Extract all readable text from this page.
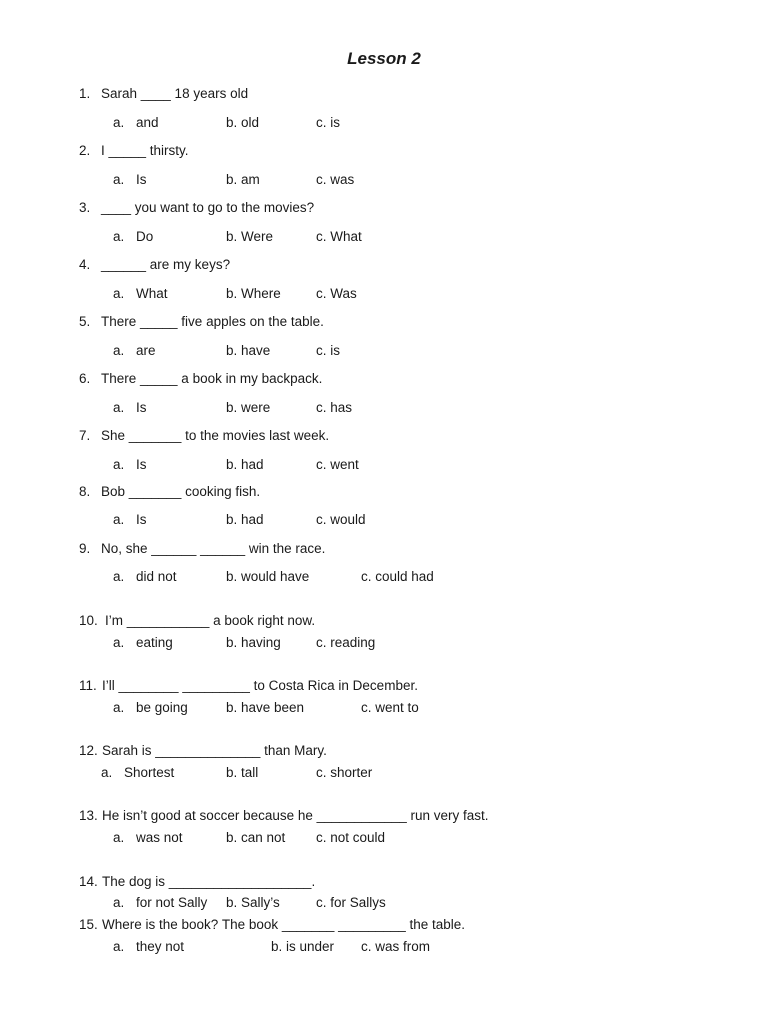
Lesson 2
1. Sarah ____ 18 years old
a. and	b. old	c. is
2. I _____ thirsty.
a. Is	b. am	c. was
3. ____ you want to go to the movies?
a. Do	b. Were	c. What
4. ______ are my keys?
a. What	b. Where	c. Was
5. There _____ five apples on the table.
a. are	b. have	c. is
6. There _____ a book in my backpack.
a. Is	b. were	c. has
7. She _______ to the movies last week.
a. Is	b. had	c. went
8. Bob _______ cooking fish.
a. Is	b. had	c. would
9. No, she ______ ______ win the race.
a. did not	b. would have	c. could had
10. I’m ___________ a book right now.
a. eating	b. having	c. reading
11. I’ll ________ _________ to Costa Rica in December.
a. be going	b. have been	c. went to
12. Sarah is ______________ than Mary.
a. Shortest	b. tall	c. shorter
13. He isn’t good at soccer because he ____________ run very fast.
a. was not	b. can not c. not could
14. The dog is ___________________.
a. for not Sally b. Sally’s	c. for Sallys
15. Where is the book? The book _______ _________ the table.
a. they not	b. is under c. was from
